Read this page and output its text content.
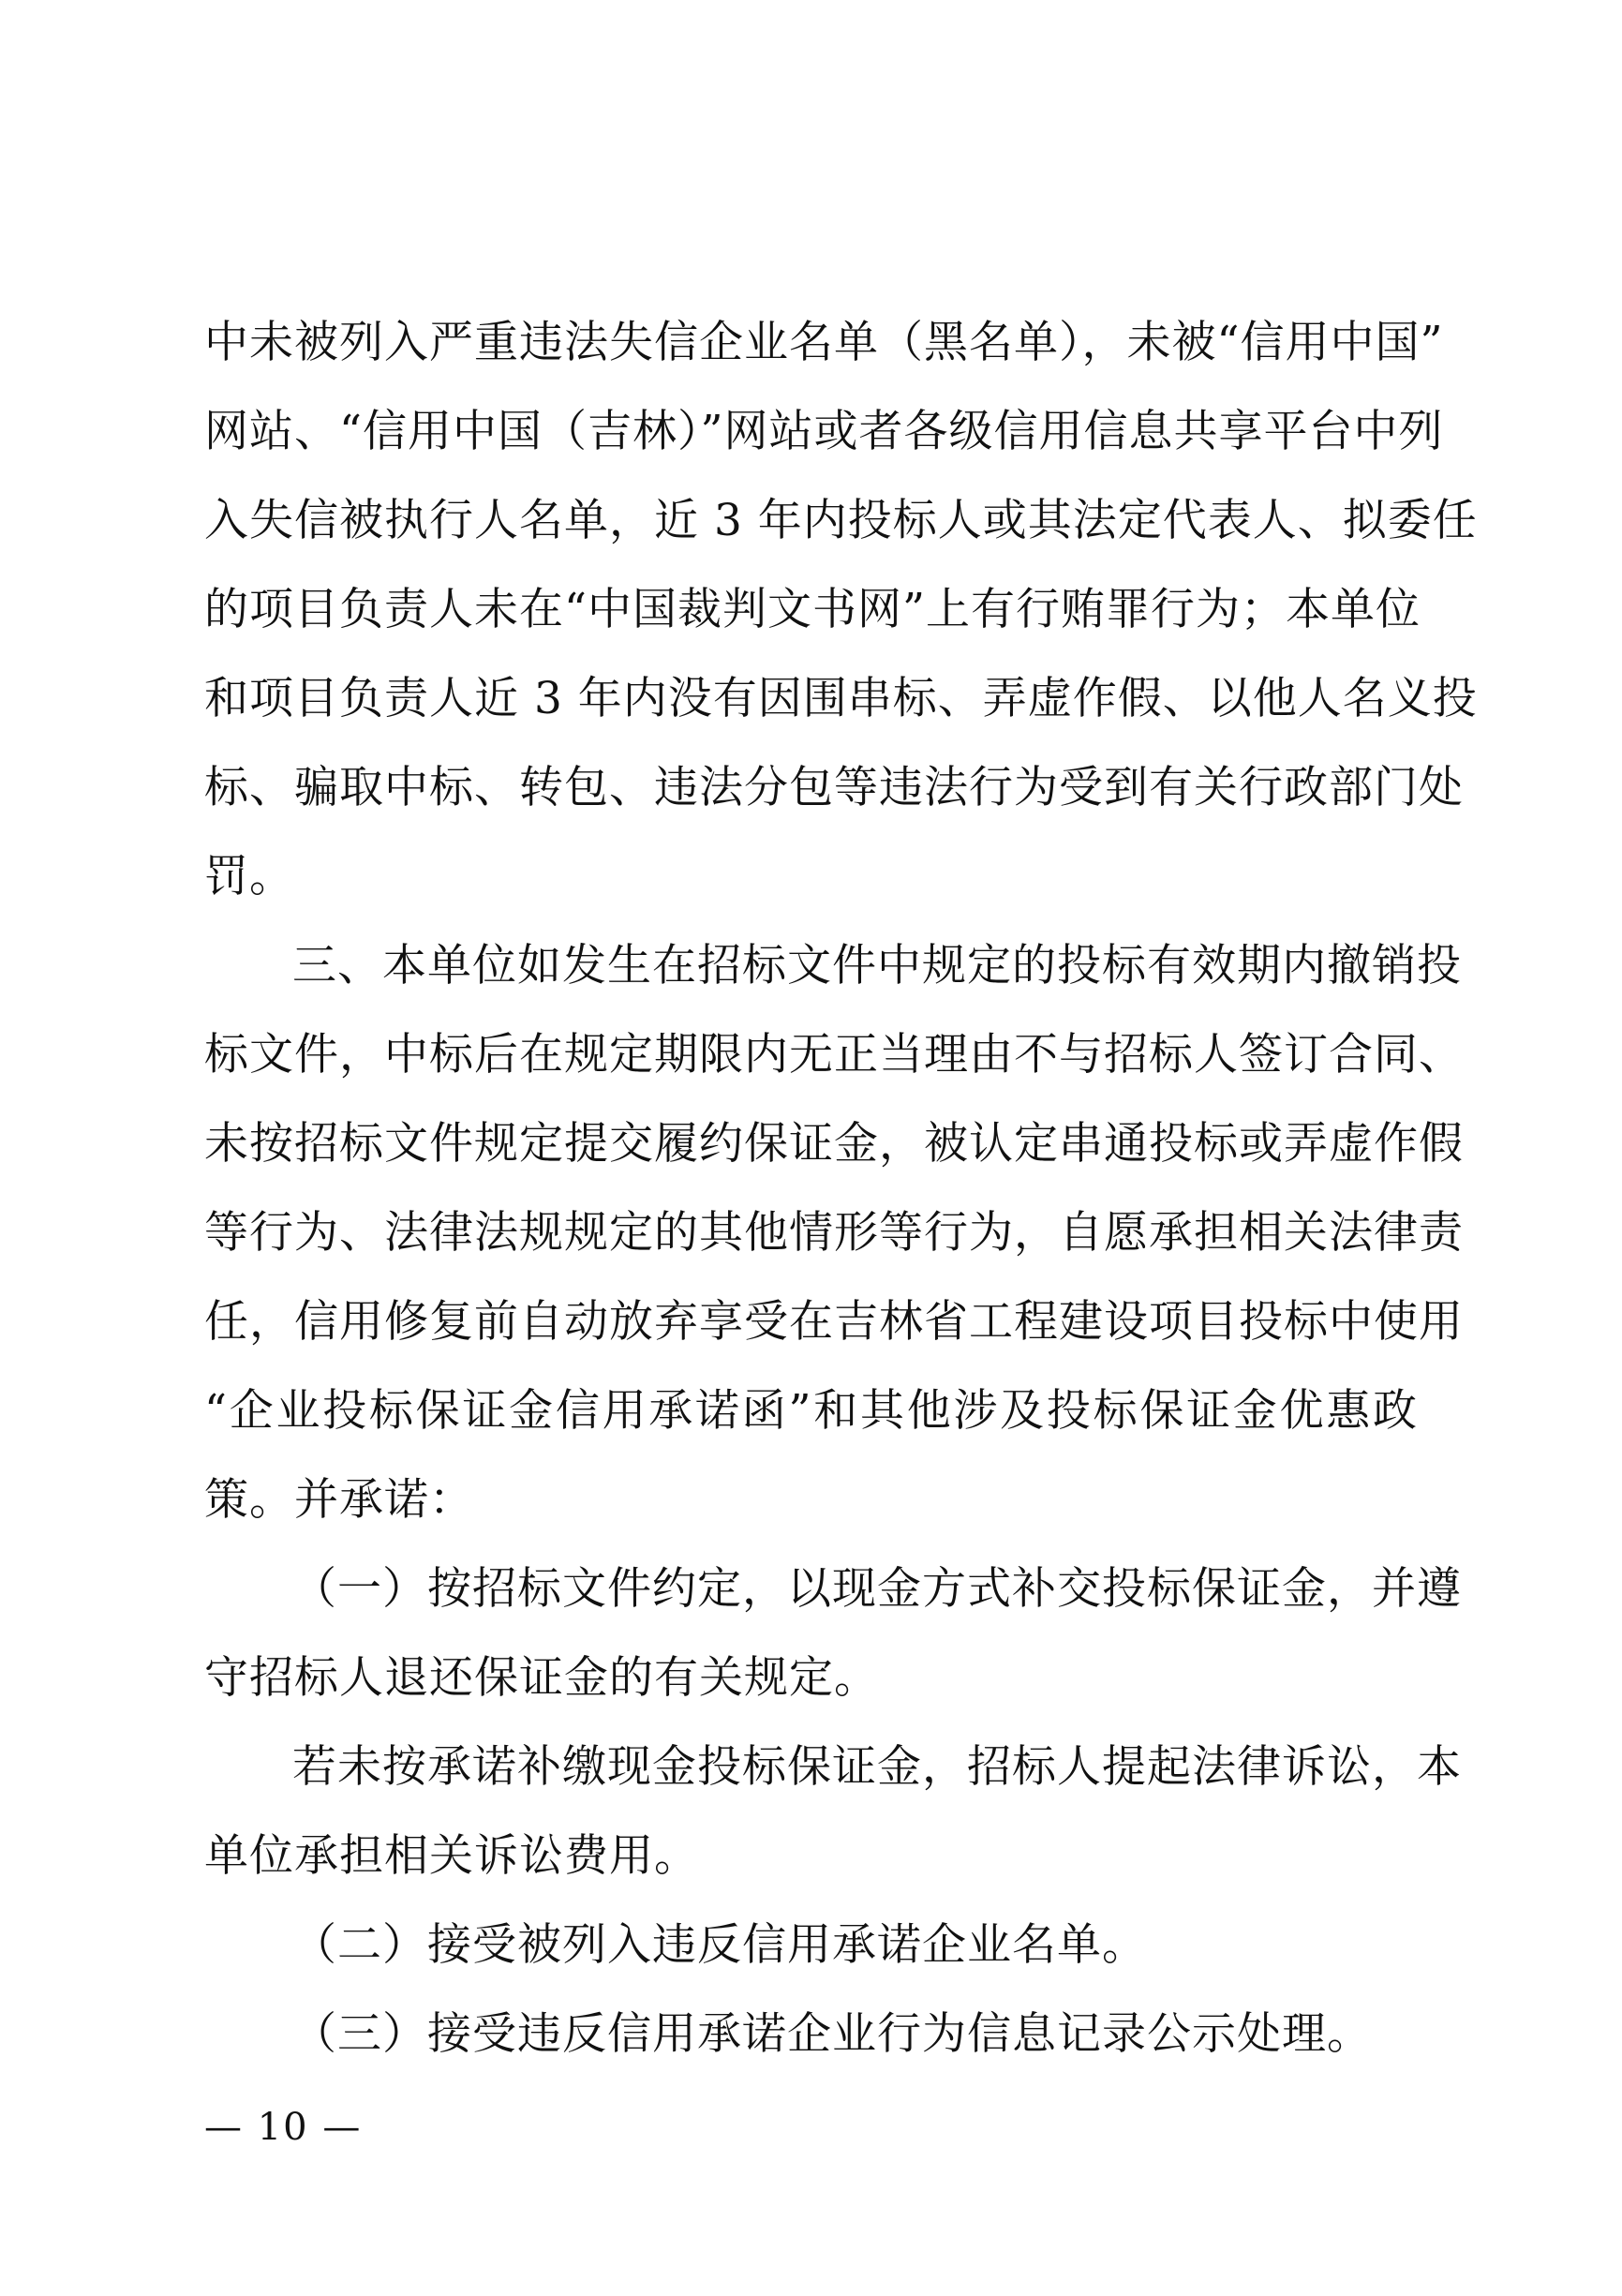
中未被列入严重违法失信企业名单（黑名单），未被“信用中国”
网站、“信用中国（吉林）”网站或者各级信用信息共享平台中列
入失信被执行人名单，近 3 年内投标人或其法定代表人、拟委任
的项目负责人未在“中国裁判文书网”上有行贿罪行为；本单位
和项目负责人近 3 年内没有因围串标、弄虚作假、以他人名义投
标、骗取中标、转包、违法分包等违法行为受到有关行政部门处
罚。
三、本单位如发生在招标文件中规定的投标有效期内撤销投
标文件，中标后在规定期限内无正当理由不与招标人签订合同、
未按招标文件规定提交履约保证金，被认定串通投标或弄虚作假
等行为、法律法规规定的其他情形等行为，自愿承担相关法律责
任，信用修复前自动放弃享受在吉林省工程建设项目投标中使用
“企业投标保证金信用承诺函”和其他涉及投标保证金优惠政
策。并承诺：
（一）按招标文件约定，以现金方式补交投标保证金，并遵
守招标人退还保证金的有关规定。
若未按承诺补缴现金投标保证金，招标人提起法律诉讼，本
单位承担相关诉讼费用。
（二）接受被列入违反信用承诺企业名单。
（三）接受违反信用承诺企业行为信息记录公示处理。
— 10 —
